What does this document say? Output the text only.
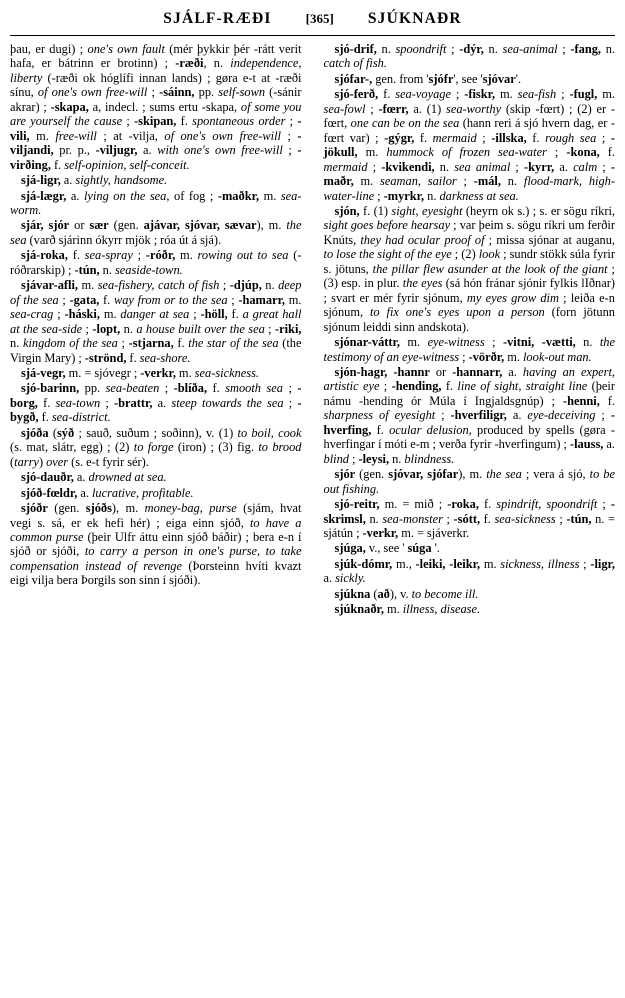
SJÁLF-RÆÐI	[365] SJÚKNAÐR

þau, er dugi) ; one's own fault (mér þykkir þér -rátt verit hafa, er bátrinn er brotinn) ; -ræði, n. independence, liberty (-ræði ok hóglífi innan lands) ; gøra e-t at -ræði sínu, of one's own free-will ; -sáinn, pp. self-sown (-sánir akrar) ; -skapa, a, indecl. ; sums ertu -skapa, of some you are yourself the cause ; -skipan, f. spontaneous order ; -vili, m. free-will ; at -vilja, of one's own free-will ; -viljandi, pr. p., -viljugr, a. with one's own free-will ; -virðing, f. self-opinion, self-conceit.

sjá-ligr, a. sightly, handsome.

sjá-lægr, a. lying on the sea, of fog ; -maðkr, m. sea-worm.

sjár, sjór or sær (gen. ajávar, sjóvar, sævar), m. the sea (varð sjárinn ókyrr mjök ; róa út á sjá).

sjá-roka, f. sea-spray ; -róðr, m. rowing out to sea (-róðrarskip) ; -tún, n. seaside-town.

sjávar-afli, m. sea-fishery, catch of fish ; -djúp, n. deep of the sea ; -gata, f. way from or to the sea ; -hamarr, m. sea-crag ; -háski, m. danger at sea ; -höll, f. a great hall at the sea-side ; -lopt, n. a house built over the sea ; -riki, n. kingdom of the sea ; -stjarna, f. the star of the sea (the Virgin Mary) ; -strönd, f. sea-shore.

sjá-vegr, m. = sjóvegr ; -verkr, m. sea-sickness.

sjó-barinn, pp. sea-beaten ; -blíða, f. smooth sea ; -borg, f. sea-town ; -brattr, a. steep towards the sea ; -bygð, f. sea-district.

sjóða (sýð ; sauð, suðum ; soðinn), v. (1) to boil, cook (s. mat, slátr, egg) ; (2) to forge (iron) ; (3) fig. to brood (tarry) over (s. e-t fyrir sér).

sjó-dauðr, a. drowned at sea.

sjóð-fœldr, a. lucrative, profitable.

sjóðr (gen. sjóðs), m. money-bag, purse (sjám, hvat vegi s. sá, er ek hefi hér) ; eiga einn sjóð, to have a common purse (þeir Ulfr áttu einn sjóð báðir) ; bera e-n í sjóð or sjóði, to carry a person in one's purse, to take compensation instead of revenge (Þorsteinn hvíti kvazt eigi vilja bera Þorgils son sinn í sjóði).

sjó-drif, n. spoondrift ; -dýr, n. sea-animal ; -fang, n. catch of fish.

sjófar-, gen. from 'sjófr', see 'sjóvar'.

sjó-ferð, f. sea-voyage ; -fiskr, m. sea-fish ; -fugl, m. sea-fowl ; -fœrr, a. (1) sea-worthy (skip -fœrt) ; (2) er -fœrt, one can be on the sea (hann reri á sjó hvern dag, er -fœrt var) ; -gýgr, f. mermaid ; -illska, f. rough sea ; -jökull, m. hummock of frozen sea-water ; -kona, f. mermaid ; -kvikendi, n. sea animal ; -kyrr, a. calm ; -maðr, m. seaman, sailor ; -mál, n. flood-mark, high-water-line ; -myrkr, n. darkness at sea.

sjón, f. (1) sight, eyesight (heyrn ok s.) ; s. er sögu ríkri, sight goes before hearsay ; var þeim s. sögu ríkri um ferðir Knúts, they had ocular proof of ; missa sjónar at auganu, to lose the sight of the eye ; (2) look ; sundr stökk súla fyrir s. jötuns, the pillar flew asunder at the look of the giant ; (3) esp. in plur. the eyes (sá hón fránar sjónir fylkis lIðnar) ; svart er mér fyrir sjónum, my eyes grow dim ; leiða e-n sjónum, to fix one's eyes upon a person (forn jötunn sjónum leiddi sinn andskota).

sjónar-váttr, m. eye-witness ; -vitni, -vætti, n. the testimony of an eye-witness ; -vörðr, m. look-out man.

sjón-hagr, -hannr or -hannarr, a. having an expert, artistic eye ; -hending, f. line of sight, straight line (þeir námu -hending ór Múla í Ingjaldsgnúp) ; -henni, f. sharpness of eyesight ; -hverfiligr, a. eye-deceiving ; -hverfing, f. ocular delusion, produced by spells (gøra -hverfingar í móti e-m ; verða fyrir -hverfingum) ; -lauss, a. blind ; -leysi, n. blindness.

sjór (gen. sjóvar, sjófar), m. the sea ; vera á sjó, to be out fishing.

sjó-reitr, m. = mið ; -roka, f. spindrift, spoondrift ; -skrimsl, n. sea-monster ; -sótt, f. sea-sickness ; -tún, n. = sjátún ; -verkr, m. = sjáverkr.

sjúga, v., see ' súga '.

sjúk-dómr, m., -leiki, -leikr, m. sickness, illness ; -ligr, a. sickly.

sjúkna (að), v. to become ill.

sjúknaðr, m. illness, disease.
